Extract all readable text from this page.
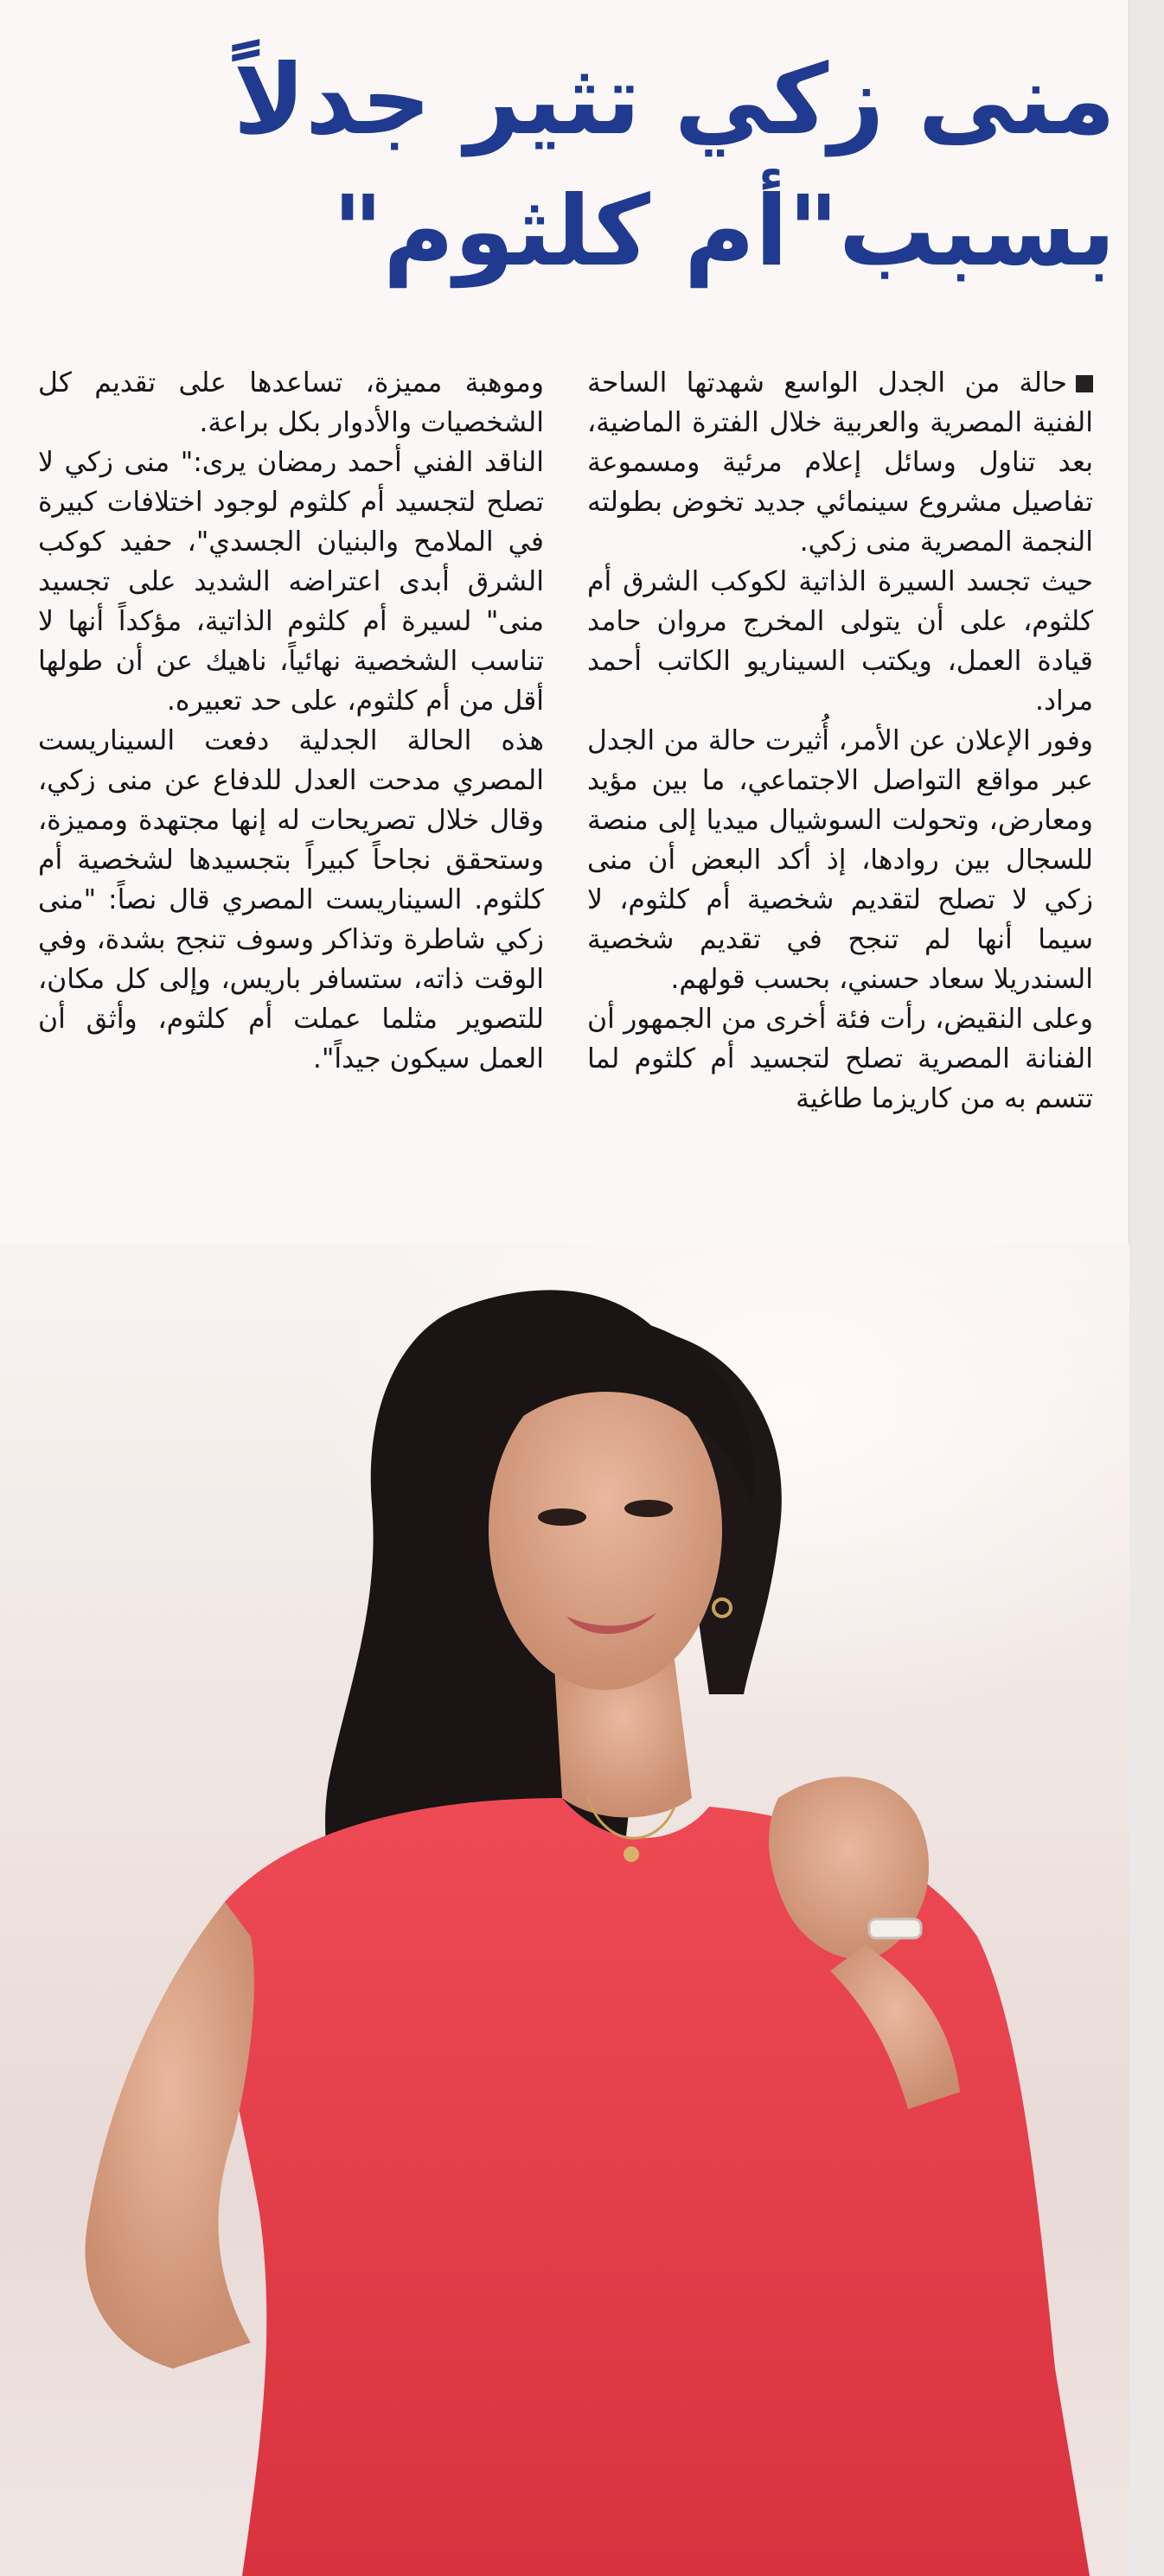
منى زكي تثير جدلاً
بسبب"أم كلثوم"

حالة من الجدل الواسع شهدتها الساحة الفنية المصرية والعربية خلال الفترة الماضية، بعد تناول وسائل إعلام مرئية ومسموعة تفاصيل مشروع سينمائي جديد تخوض بطولته النجمة المصرية منى زكي.

حيث تجسد السيرة الذاتية لكوكب الشرق أم كلثوم، على أن يتولى المخرج مروان حامد قيادة العمل، ويكتب السيناريو الكاتب أحمد مراد.

وفور الإعلان عن الأمر، أُثيرت حالة من الجدل عبر مواقع التواصل الاجتماعي، ما بين مؤيد ومعارض، وتحولت السوشيال ميديا إلى منصة للسجال بين روادها، إذ أكد البعض أن منى زكي لا تصلح لتقديم شخصية أم كلثوم، لا سيما أنها لم تنجح في تقديم شخصية السندريلا سعاد حسني، بحسب قولهم.

وعلى النقيض، رأت فئة أخرى من الجمهور أن الفنانة المصرية تصلح لتجسيد أم كلثوم لما تتسم به من كاريزما طاغية

وموهبة مميزة، تساعدها على تقديم كل الشخصيات والأدوار بكل براعة.

الناقد الفني أحمد رمضان يرى:" منى زكي لا تصلح لتجسيد أم كلثوم لوجود اختلافات كبيرة في الملامح والبنيان الجسدي"، حفيد كوكب الشرق أبدى اعتراضه الشديد على تجسيد منى" لسيرة أم كلثوم الذاتية، مؤكداً أنها لا تناسب الشخصية نهائياً، ناهيك عن أن طولها أقل من أم كلثوم، على حد تعبيره.

هذه الحالة الجدلية دفعت السيناريست المصري مدحت العدل للدفاع عن منى زكي، وقال خلال تصريحات له إنها مجتهدة ومميزة، وستحقق نجاحاً كبيراً بتجسيدها لشخصية أم كلثوم. السيناريست المصري قال نصاً: "منى زكي شاطرة وتذاكر وسوف تنجح بشدة، وفي الوقت ذاته، ستسافر باريس، وإلى كل مكان، للتصوير مثلما عملت أم كلثوم، وأثق أن العمل سيكون جيداً".
